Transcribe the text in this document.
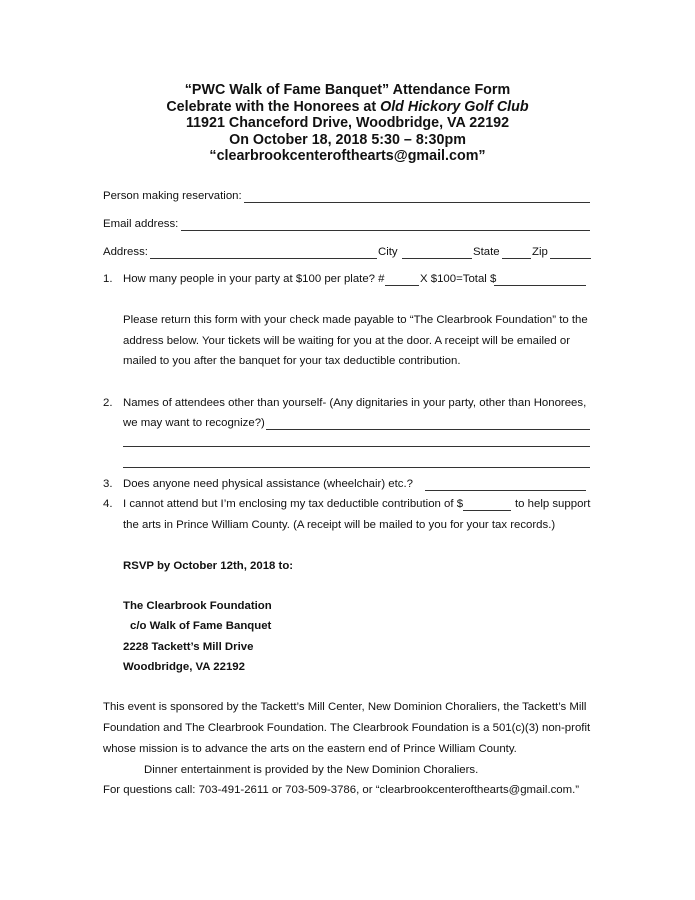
“PWC Walk of Fame Banquet” Attendance Form
Celebrate with the Honorees at Old Hickory Golf Club
11921 Chanceford Drive, Woodbridge, VA 22192
On October 18, 2018 5:30 – 8:30pm
“clearbrookcenterofthearts@gmail.com”
Person making reservation:
Email address:
Address:	City	State	Zip
1. How many people in your party at $100 per plate? #	X $100=Total $
Please return this form with your check made payable to “The Clearbrook Foundation” to the
address below. Your tickets will be waiting for you at the door. A receipt will be emailed or
mailed to you after the banquet for your tax deductible contribution.
2. Names of attendees other than yourself- (Any dignitaries in your party, other than Honorees,
we may want to recognize?)
3. Does anyone need physical assistance (wheelchair) etc.?
4. I cannot attend but I’m enclosing my tax deductible contribution of $	to help support
the arts in Prince William County. (A receipt will be mailed to you for your tax records.)
RSVP by October 12th, 2018 to:
The Clearbrook Foundation
c/o Walk of Fame Banquet
2228 Tackett’s Mill Drive
Woodbridge, VA 22192
This event is sponsored by the Tackett’s Mill Center, New Dominion Choraliers, the Tackett’s Mill
Foundation and The Clearbrook Foundation. The Clearbrook Foundation is a 501(c)(3) non-profit
whose mission is to advance the arts on the eastern end of Prince William County.
Dinner entertainment is provided by the New Dominion Choraliers.
For questions call: 703-491-2611 or 703-509-3786, or “clearbrookcenterofthearts@gmail.com.”
